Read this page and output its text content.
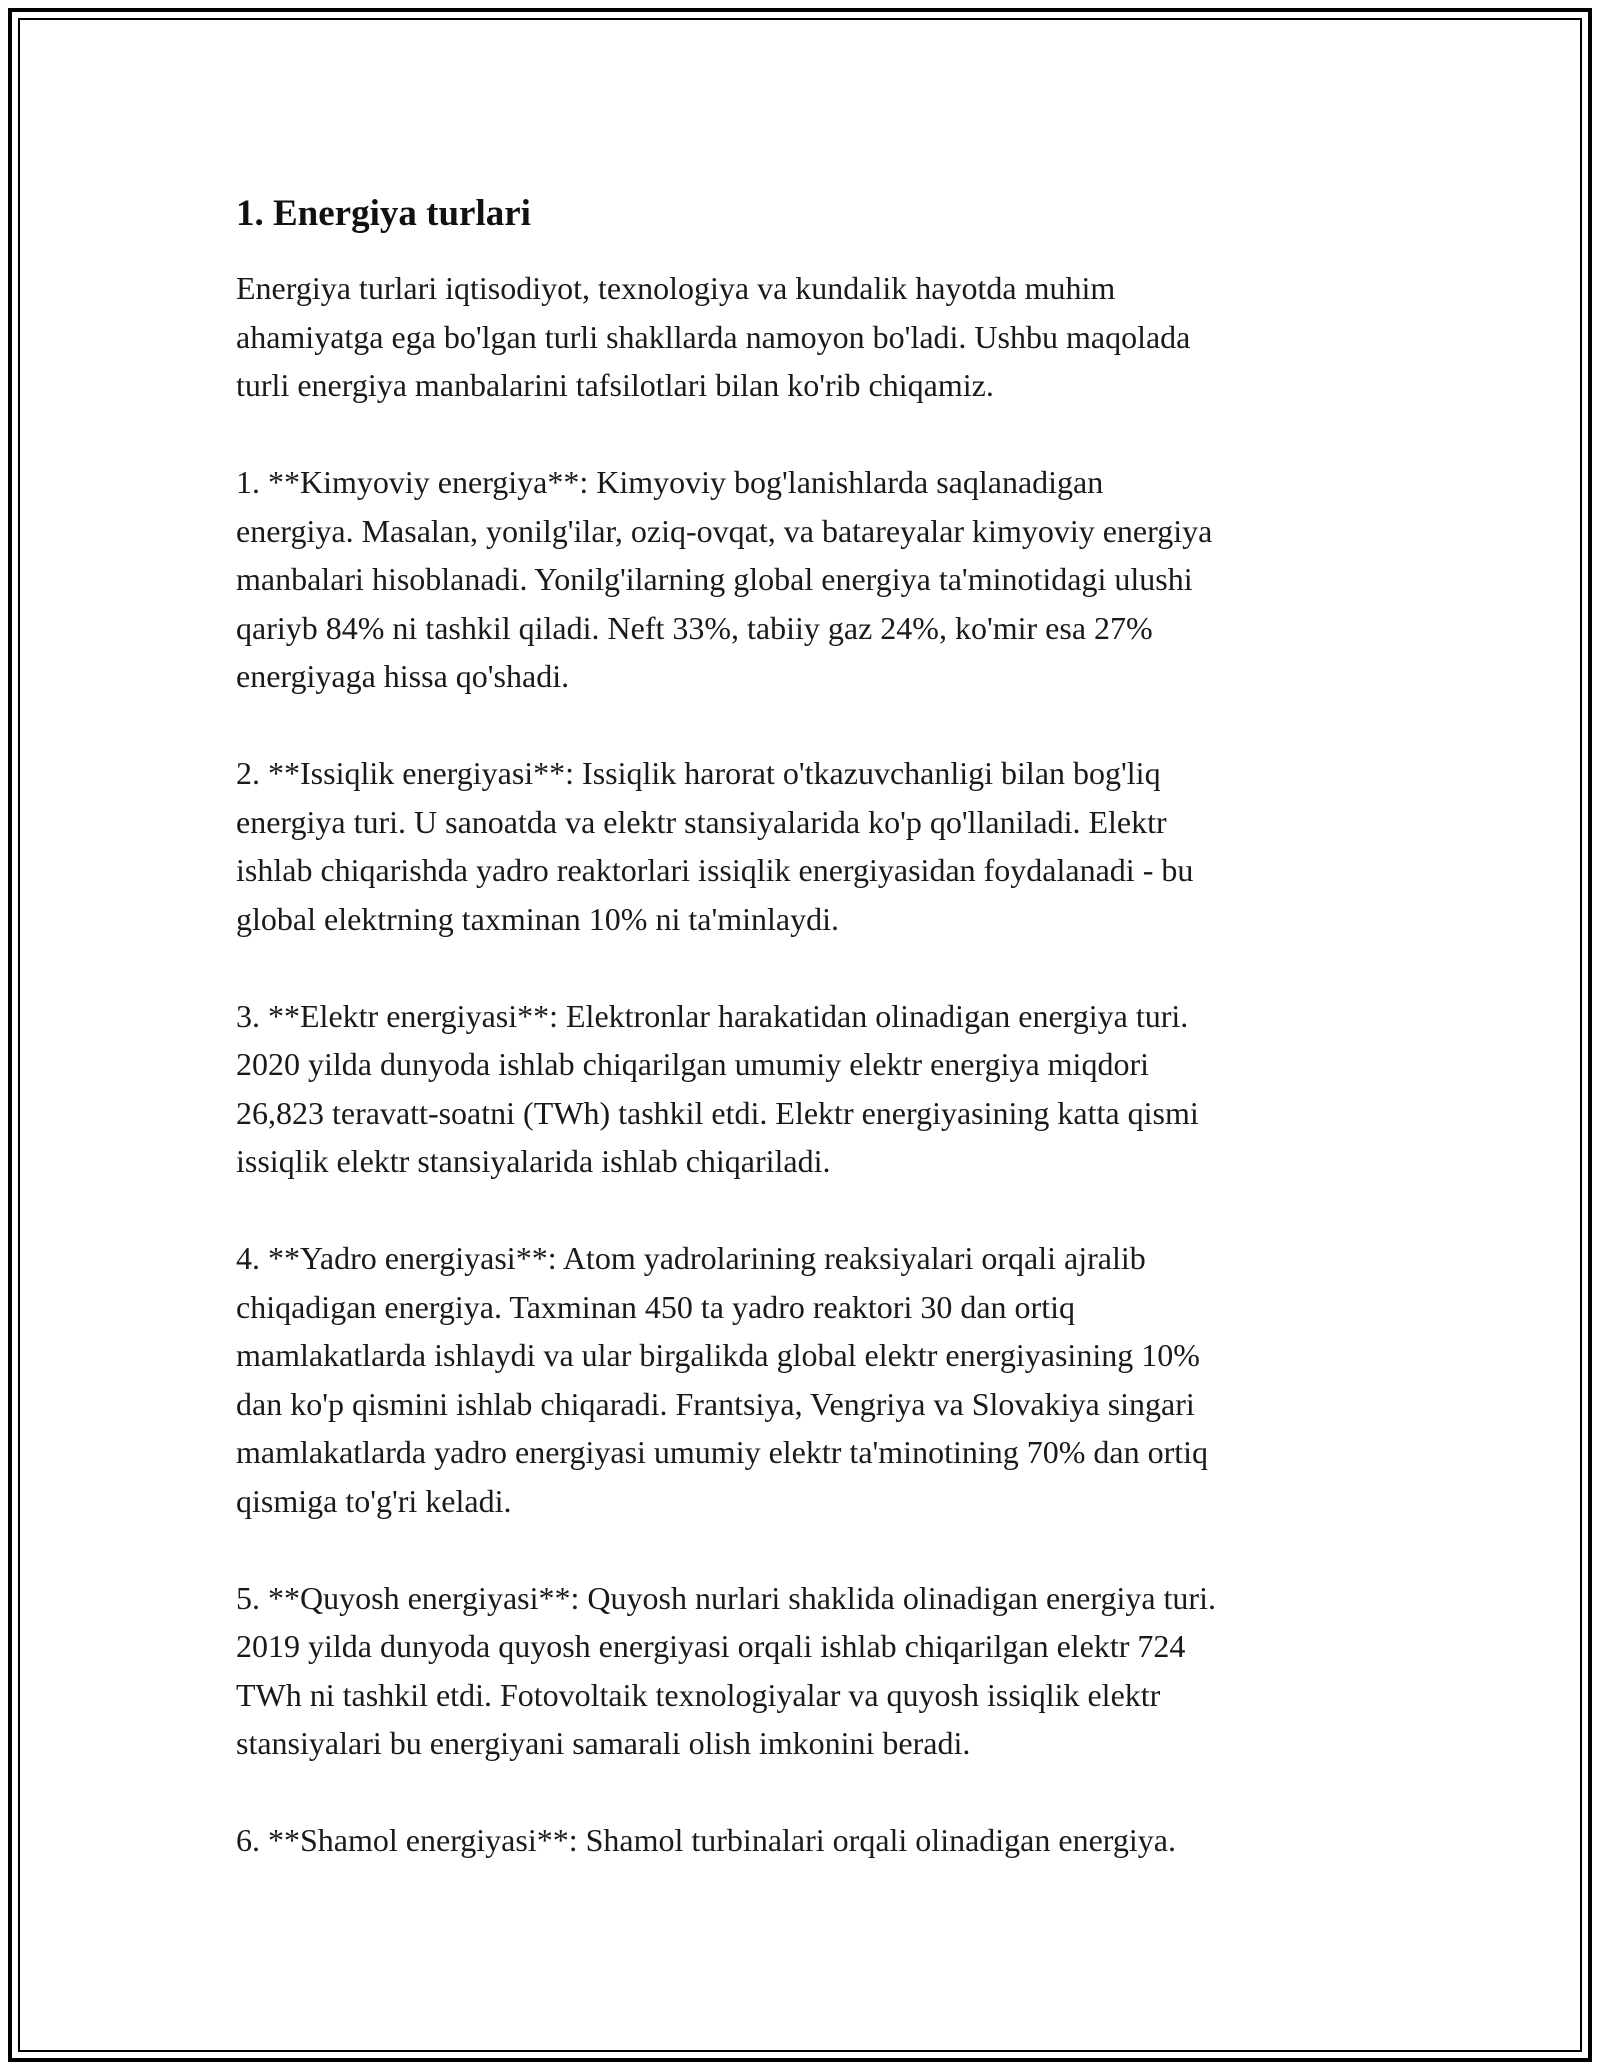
1. Energiya turlari

Energiya turlari iqtisodiyot, texnologiya va kundalik hayotda muhim
ahamiyatga ega bo'lgan turli shakllarda namoyon bo'ladi. Ushbu maqolada
turli energiya manbalarini tafsilotlari bilan ko'rib chiqamiz.

1. **Kimyoviy energiya**: Kimyoviy bog'lanishlarda saqlanadigan
energiya. Masalan, yonilg'ilar, oziq-ovqat, va batareyalar kimyoviy energiya
manbalari hisoblanadi. Yonilg'ilarning global energiya ta'minotidagi ulushi
qariyb 84% ni tashkil qiladi. Neft 33%, tabiiy gaz 24%, ko'mir esa 27%
energiyaga hissa qo'shadi.

2. **Issiqlik energiyasi**: Issiqlik harorat o'tkazuvchanligi bilan bog'liq
energiya turi. U sanoatda va elektr stansiyalarida ko'p qo'llaniladi. Elektr
ishlab chiqarishda yadro reaktorlari issiqlik energiyasidan foydalanadi - bu
global elektrning taxminan 10% ni ta'minlaydi.

3. **Elektr energiyasi**: Elektronlar harakatidan olinadigan energiya turi.
2020 yilda dunyoda ishlab chiqarilgan umumiy elektr energiya miqdori
26,823 teravatt-soatni (TWh) tashkil etdi. Elektr energiyasining katta qismi
issiqlik elektr stansiyalarida ishlab chiqariladi.

4. **Yadro energiyasi**: Atom yadrolarining reaksiyalari orqali ajralib
chiqadigan energiya. Taxminan 450 ta yadro reaktori 30 dan ortiq
mamlakatlarda ishlaydi va ular birgalikda global elektr energiyasining 10%
dan ko'p qismini ishlab chiqaradi. Frantsiya, Vengriya va Slovakiya singari
mamlakatlarda yadro energiyasi umumiy elektr ta'minotining 70% dan ortiq
qismiga to'g'ri keladi.

5. **Quyosh energiyasi**: Quyosh nurlari shaklida olinadigan energiya turi.
2019 yilda dunyoda quyosh energiyasi orqali ishlab chiqarilgan elektr 724
TWh ni tashkil etdi. Fotovoltaik texnologiyalar va quyosh issiqlik elektr
stansiyalari bu energiyani samarali olish imkonini beradi.

6. **Shamol energiyasi**: Shamol turbinalari orqali olinadigan energiya.
